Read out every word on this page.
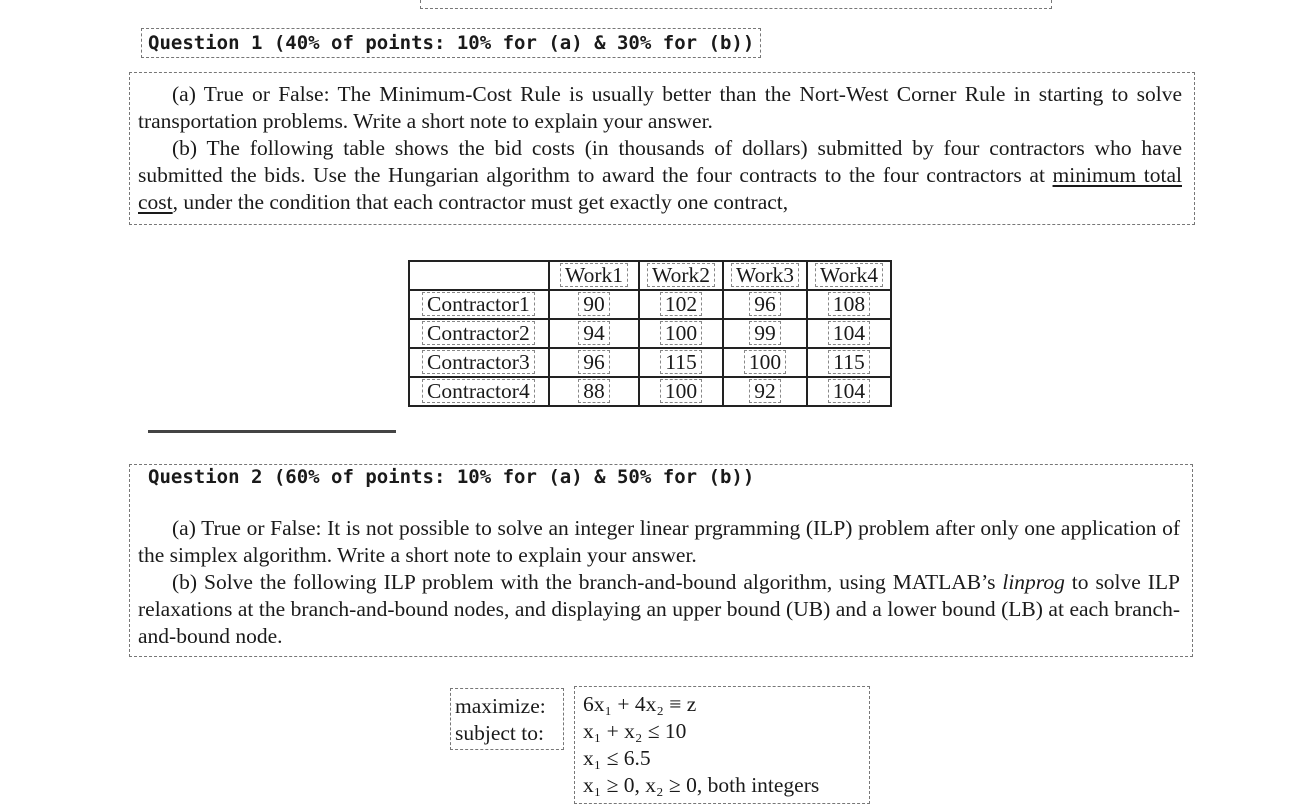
Question 1 (40% of points: 10% for (a) & 30% for (b))

(a) True or False: The Minimum-Cost Rule is usually better than the Nort-West Corner Rule in starting to solve transportation problems. Write a short note to explain your answer.

(b) The following table shows the bid costs (in thousands of dollars) submitted by four contractors who have submitted the bids. Use the Hungarian algorithm to award the four contracts to the four contractors at minimum total cost, under the condition that each contractor must get exactly one contract,

	Work1	Work2	Work3	Work4
Contractor1	90	102	96	108
Contractor2	94	100	99	104
Contractor3	96	115	100	115
Contractor4	88	100	92	104
Question 2 (60% of points: 10% for (a) & 50% for (b))

(a) True or False: It is not possible to solve an integer linear prgramming (ILP) problem after only one application of the simplex algorithm. Write a short note to explain your answer.

(b) Solve the following ILP problem with the branch-and-bound algorithm, using MATLAB’s linprog to solve ILP relaxations at the branch-and-bound nodes, and displaying an upper bound (UB) and a lower bound (LB) at each branch-and-bound node.

maximize:
subject to:
6x₁ + 4x₂ ≡ z
x₁ + x₂ ≤ 10
x₁ ≤ 6.5
x₁ ≥ 0, x₂ ≥ 0, both integers
